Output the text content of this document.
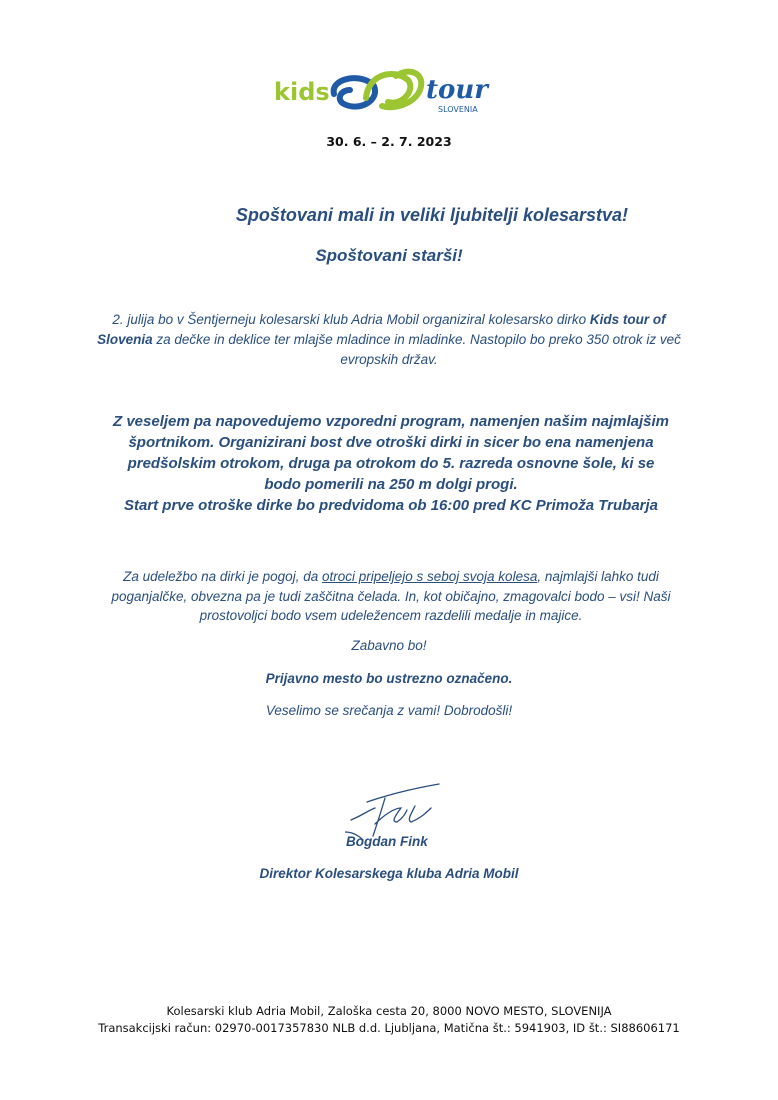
kids	tour
SLOVENIA
30. 6. – 2. 7. 2023
Spoštovani mali in veliki ljubitelji kolesarstva!
Spoštovani starši!
2. julija bo v Šentjerneju kolesarski klub Adria Mobil organiziral kolesarsko dirko Kids tour of Slovenia za dečke in deklice ter mlajše mladince in mladinke. Nastopilo bo preko 350 otrok iz več evropskih držav.
Z veseljem pa napovedujemo vzporedni program, namenjen našim najmlajšim
športnikom. Organizirani bost dve otroški dirki in sicer bo ena namenjena
predšolskim otrokom, druga pa otrokom do 5. razreda osnovne šole, ki se
bodo pomerili na 250 m dolgi progi.
Start prve otroške dirke bo predvidoma ob 16:00 pred KC Primoža Trubarja
Za udeležbo na dirki je pogoj, da otroci pripeljejo s seboj svoja kolesa, najmlajši lahko tudi poganjalčke, obvezna pa je tudi zaščitna čelada. In, kot običajno, zmagovalci bodo – vsi! Naši prostovoljci bodo vsem udeležencem razdelili medalje in majice.
Zabavno bo!
Prijavno mesto bo ustrezno označeno.
Veselimo se srečanja z vami! Dobrodošli!
Bogdan Fink
Direktor Kolesarskega kluba Adria Mobil
Kolesarski klub Adria Mobil, Zaloška cesta 20, 8000 NOVO MESTO, SLOVENIJA
Transakcijski račun: 02970-0017357830 NLB d.d. Ljubljana, Matična št.: 5941903, ID št.: SI88606171
